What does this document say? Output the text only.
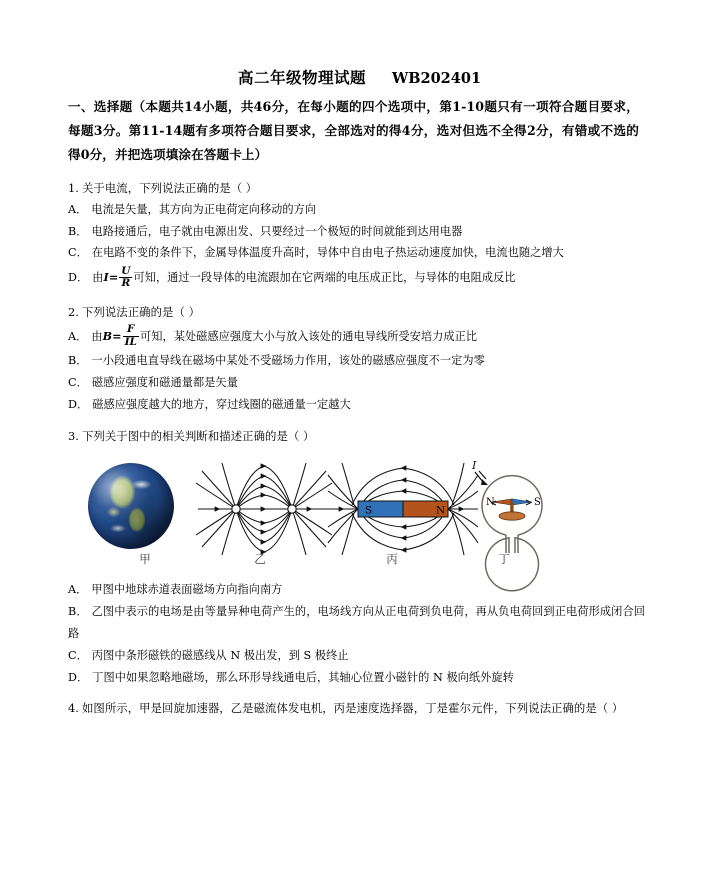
高二年级物理试题 WB202401
一、选择题（本题共14小题，共46分，在每小题的四个选项中，第1-10题只有一项符合题目要求，每题3分。第11-14题有多项符合题目要求，全部选对的得4分，选对但选不全得2分，有错或不选的得0分，并把选项填涂在答题卡上）
1. 关于电流，下列说法正确的是（ ）
A． 电流是矢量，其方向为正电荷定向移动的方向
B． 电路接通后，电子就由电源出发、只要经过一个极短的时间就能到达用电器
C． 在电路不变的条件下，金属导体温度升高时，导体中自由电子热运动速度加快，电流也随之增大
D． 由$I= \frac{U}{R}$ 可知，通过一段导体的电流跟加在它两端的电压成正比，与导体的电阻成反比
2. 下列说法正确的是（ ）
A． 由$B= \frac{F}{IL}$ 可知，某处磁感应强度大小与放入该处的通电导线所受安培力成正比
B． 一小段通电直导线在磁场中某处不受磁场力作用，该处的磁感应强度不一定为零
C． 磁感应强度和磁通量都是矢量
D． 磁感应强度越大的地方，穿过线圈的磁通量一定越大
3. 下列关于图中的相关判断和描述正确的是（ ）
甲	乙
S	N
丙
I
N	S
丁
A． 甲图中地球赤道表面磁场方向指向南方
B． 乙图中表示的电场是由等量异种电荷产生的，电场线方向从正电荷到负电荷，再从负电荷回到正电荷形成闭合回路
C． 丙图中条形磁铁的磁感线从 N 极出发，到 S 极终止
D． 丁图中如果忽略地磁场，那么环形导线通电后，其轴心位置小磁针的 N 极向纸外旋转
4. 如图所示，甲是回旋加速器，乙是磁流体发电机，丙是速度选择器，丁是霍尔元件，下列说法正确的是（ ）
